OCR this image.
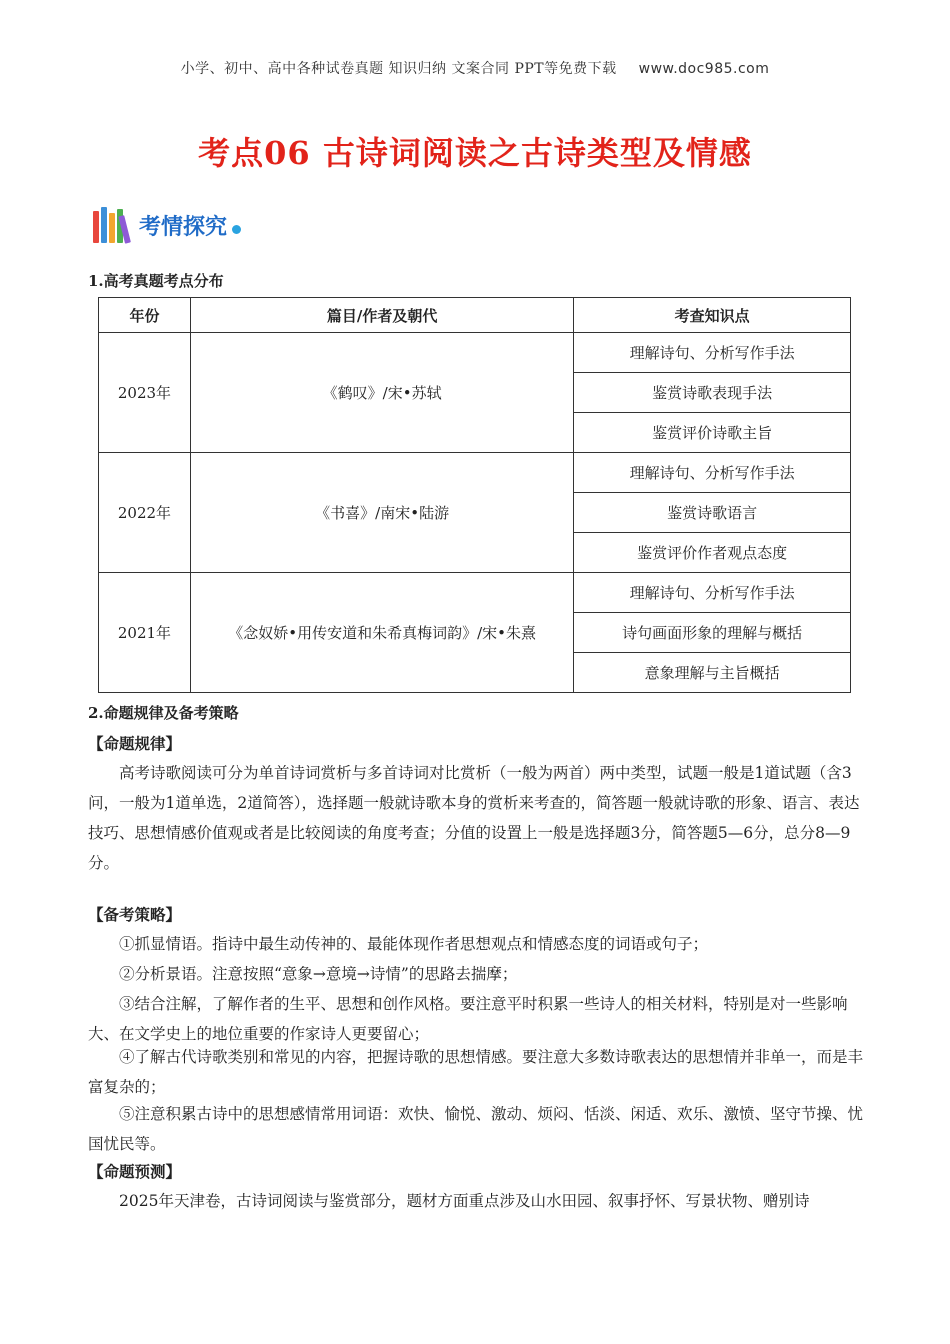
小学、初中、高中各种试卷真题 知识归纳 文案合同 PPT等免费下载 www.doc985.com
考点06 古诗词阅读之古诗类型及情感
考情探究
1.高考真题考点分布
年份	篇目/作者及朝代	考查知识点
2023年	《鹤叹》/宋•苏轼	理解诗句、分析写作手法
		鉴赏诗歌表现手法
		鉴赏评价诗歌主旨
2022年	《书喜》/南宋•陆游	理解诗句、分析写作手法
		鉴赏诗歌语言
		鉴赏评价作者观点态度
2021年	《念奴娇•用传安道和朱希真梅词韵》/宋•朱熹	理解诗句、分析写作手法
		诗句画面形象的理解与概括
		意象理解与主旨概括
2.命题规律及备考策略
【命题规律】
高考诗歌阅读可分为单首诗词赏析与多首诗词对比赏析（一般为两首）两中类型，试题一般是1道试题（含3问，一般为1道单选，2道简答），选择题一般就诗歌本身的赏析来考查的，简答题一般就诗歌的形象、语言、表达技巧、思想情感价值观或者是比较阅读的角度考查；分值的设置上一般是选择题3分，简答题5—6分，总分8—9分。
【备考策略】
①抓显情语。指诗中最生动传神的、最能体现作者思想观点和情感态度的词语或句子；
②分析景语。注意按照“意象→意境→诗情”的思路去揣摩；
③结合注解，了解作者的生平、思想和创作风格。要注意平时积累一些诗人的相关材料，特别是对一些影响大、在文学史上的地位重要的作家诗人更要留心；
④了解古代诗歌类别和常见的内容，把握诗歌的思想情感。要注意大多数诗歌表达的思想情并非单一，而是丰富复杂的；
⑤注意积累古诗中的思想感情常用词语：欢快、愉悦、激动、烦闷、恬淡、闲适、欢乐、激愤、坚守节操、忧国忧民等。
【命题预测】
2025年天津卷，古诗词阅读与鉴赏部分，题材方面重点涉及山水田园、叙事抒怀、写景状物、赠别诗
